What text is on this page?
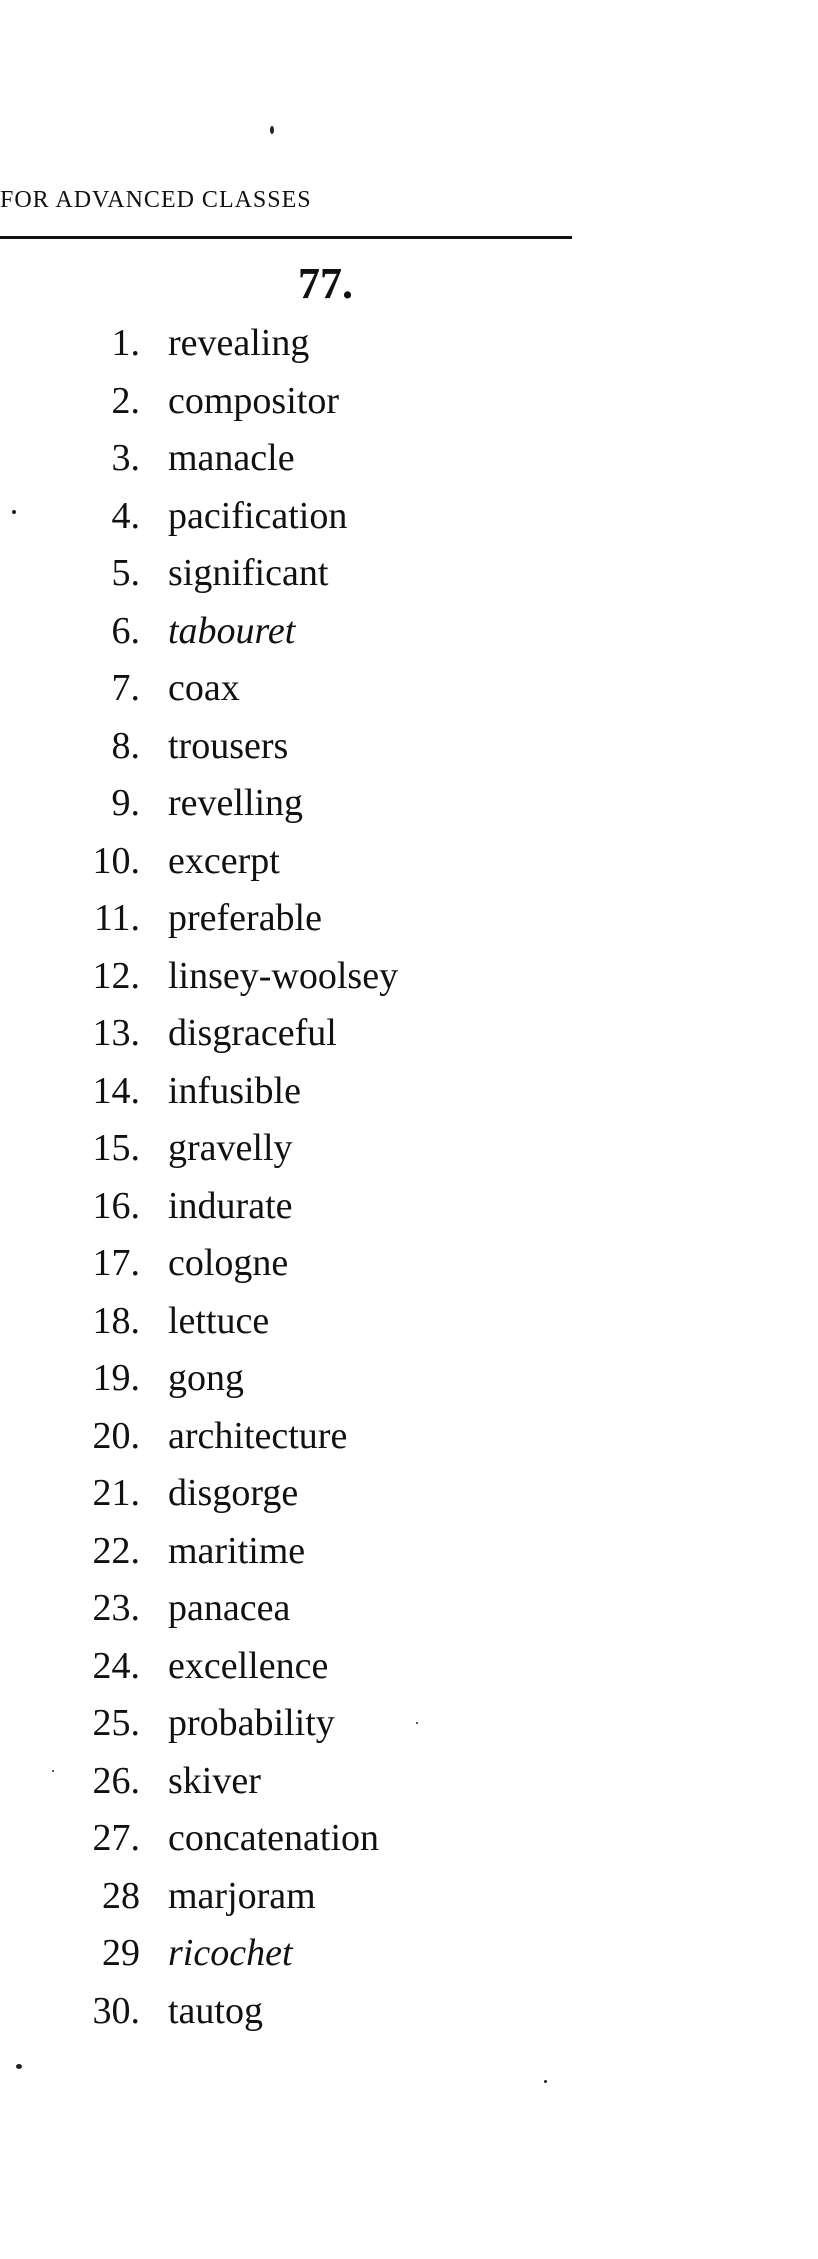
FOR ADVANCED CLASSES
77.
1. revealing
2. compositor
3. manacle
4. pacification
5. significant
6. tabouret
7. coax
8. trousers
9. revelling
10. excerpt
11. preferable
12. linsey-woolsey
13. disgraceful
14. infusible
15. gravelly
16. indurate
17. cologne
18. lettuce
19. gong
20. architecture
21. disgorge
22. maritime
23. panacea
24. excellence
25. probability
26. skiver
27. concatenation
28 marjoram
29 ricochet
30. tautog
